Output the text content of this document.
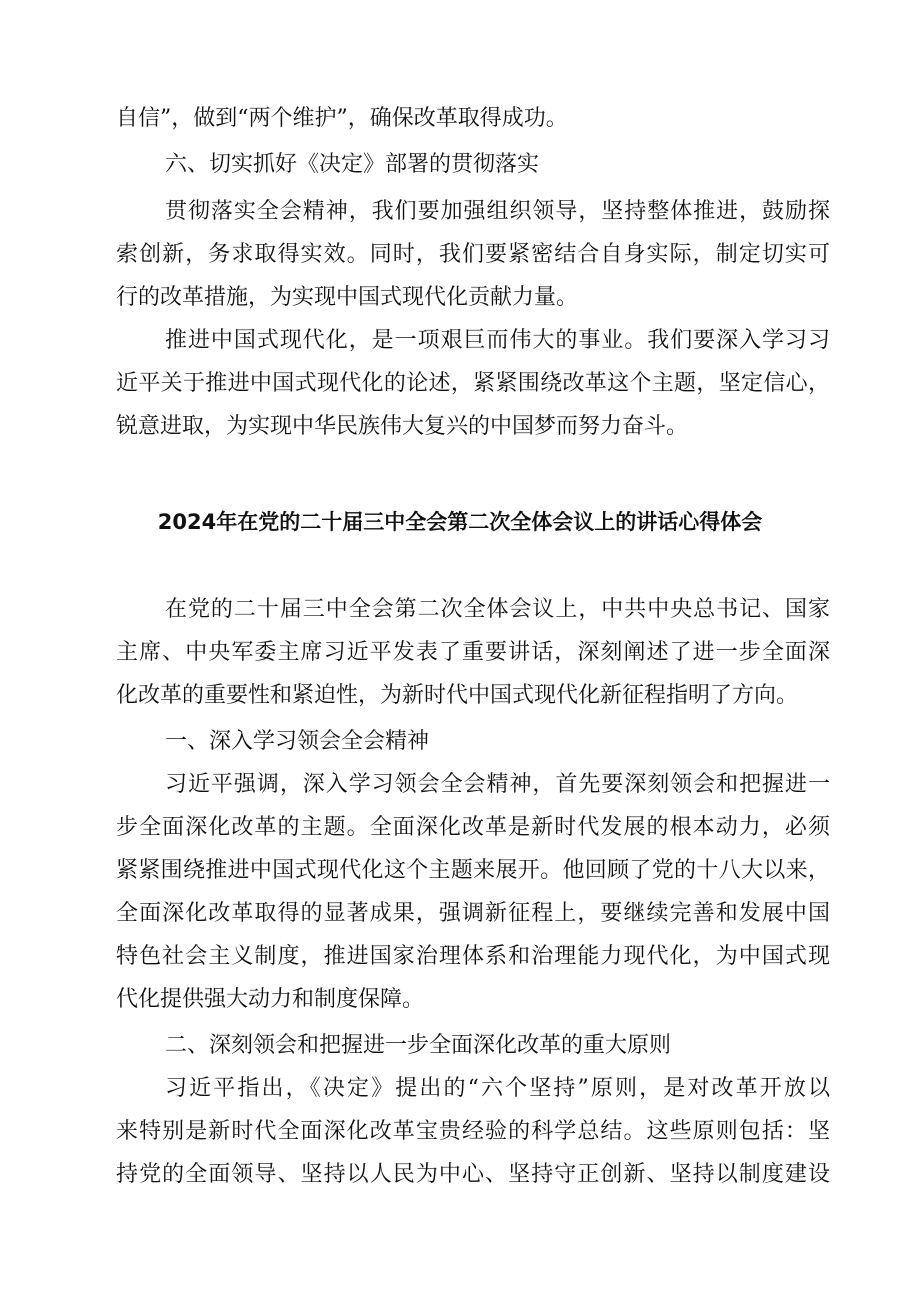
自信”，做到“两个维护”，确保改革取得成功。
六、切实抓好《决定》部署的贯彻落实
贯彻落实全会精神，我们要加强组织领导，坚持整体推进，鼓励探
索创新，务求取得实效。同时，我们要紧密结合自身实际，制定切实可
行的改革措施，为实现中国式现代化贡献力量。
推进中国式现代化，是一项艰巨而伟大的事业。我们要深入学习习
近平关于推进中国式现代化的论述，紧紧围绕改革这个主题，坚定信心，
锐意进取，为实现中华民族伟大复兴的中国梦而努力奋斗。
2024年在党的二十届三中全会第二次全体会议上的讲话心得体会
在党的二十届三中全会第二次全体会议上，中共中央总书记、国家
主席、中央军委主席习近平发表了重要讲话，深刻阐述了进一步全面深
化改革的重要性和紧迫性，为新时代中国式现代化新征程指明了方向。
一、深入学习领会全会精神
习近平强调，深入学习领会全会精神，首先要深刻领会和把握进一
步全面深化改革的主题。全面深化改革是新时代发展的根本动力，必须
紧紧围绕推进中国式现代化这个主题来展开。他回顾了党的十八大以来，
全面深化改革取得的显著成果，强调新征程上，要继续完善和发展中国
特色社会主义制度，推进国家治理体系和治理能力现代化，为中国式现
代化提供强大动力和制度保障。
二、深刻领会和把握进一步全面深化改革的重大原则
习近平指出，《决定》提出的“六个坚持”原则，是对改革开放以
来特别是新时代全面深化改革宝贵经验的科学总结。这些原则包括：坚
持党的全面领导、坚持以人民为中心、坚持守正创新、坚持以制度建设
